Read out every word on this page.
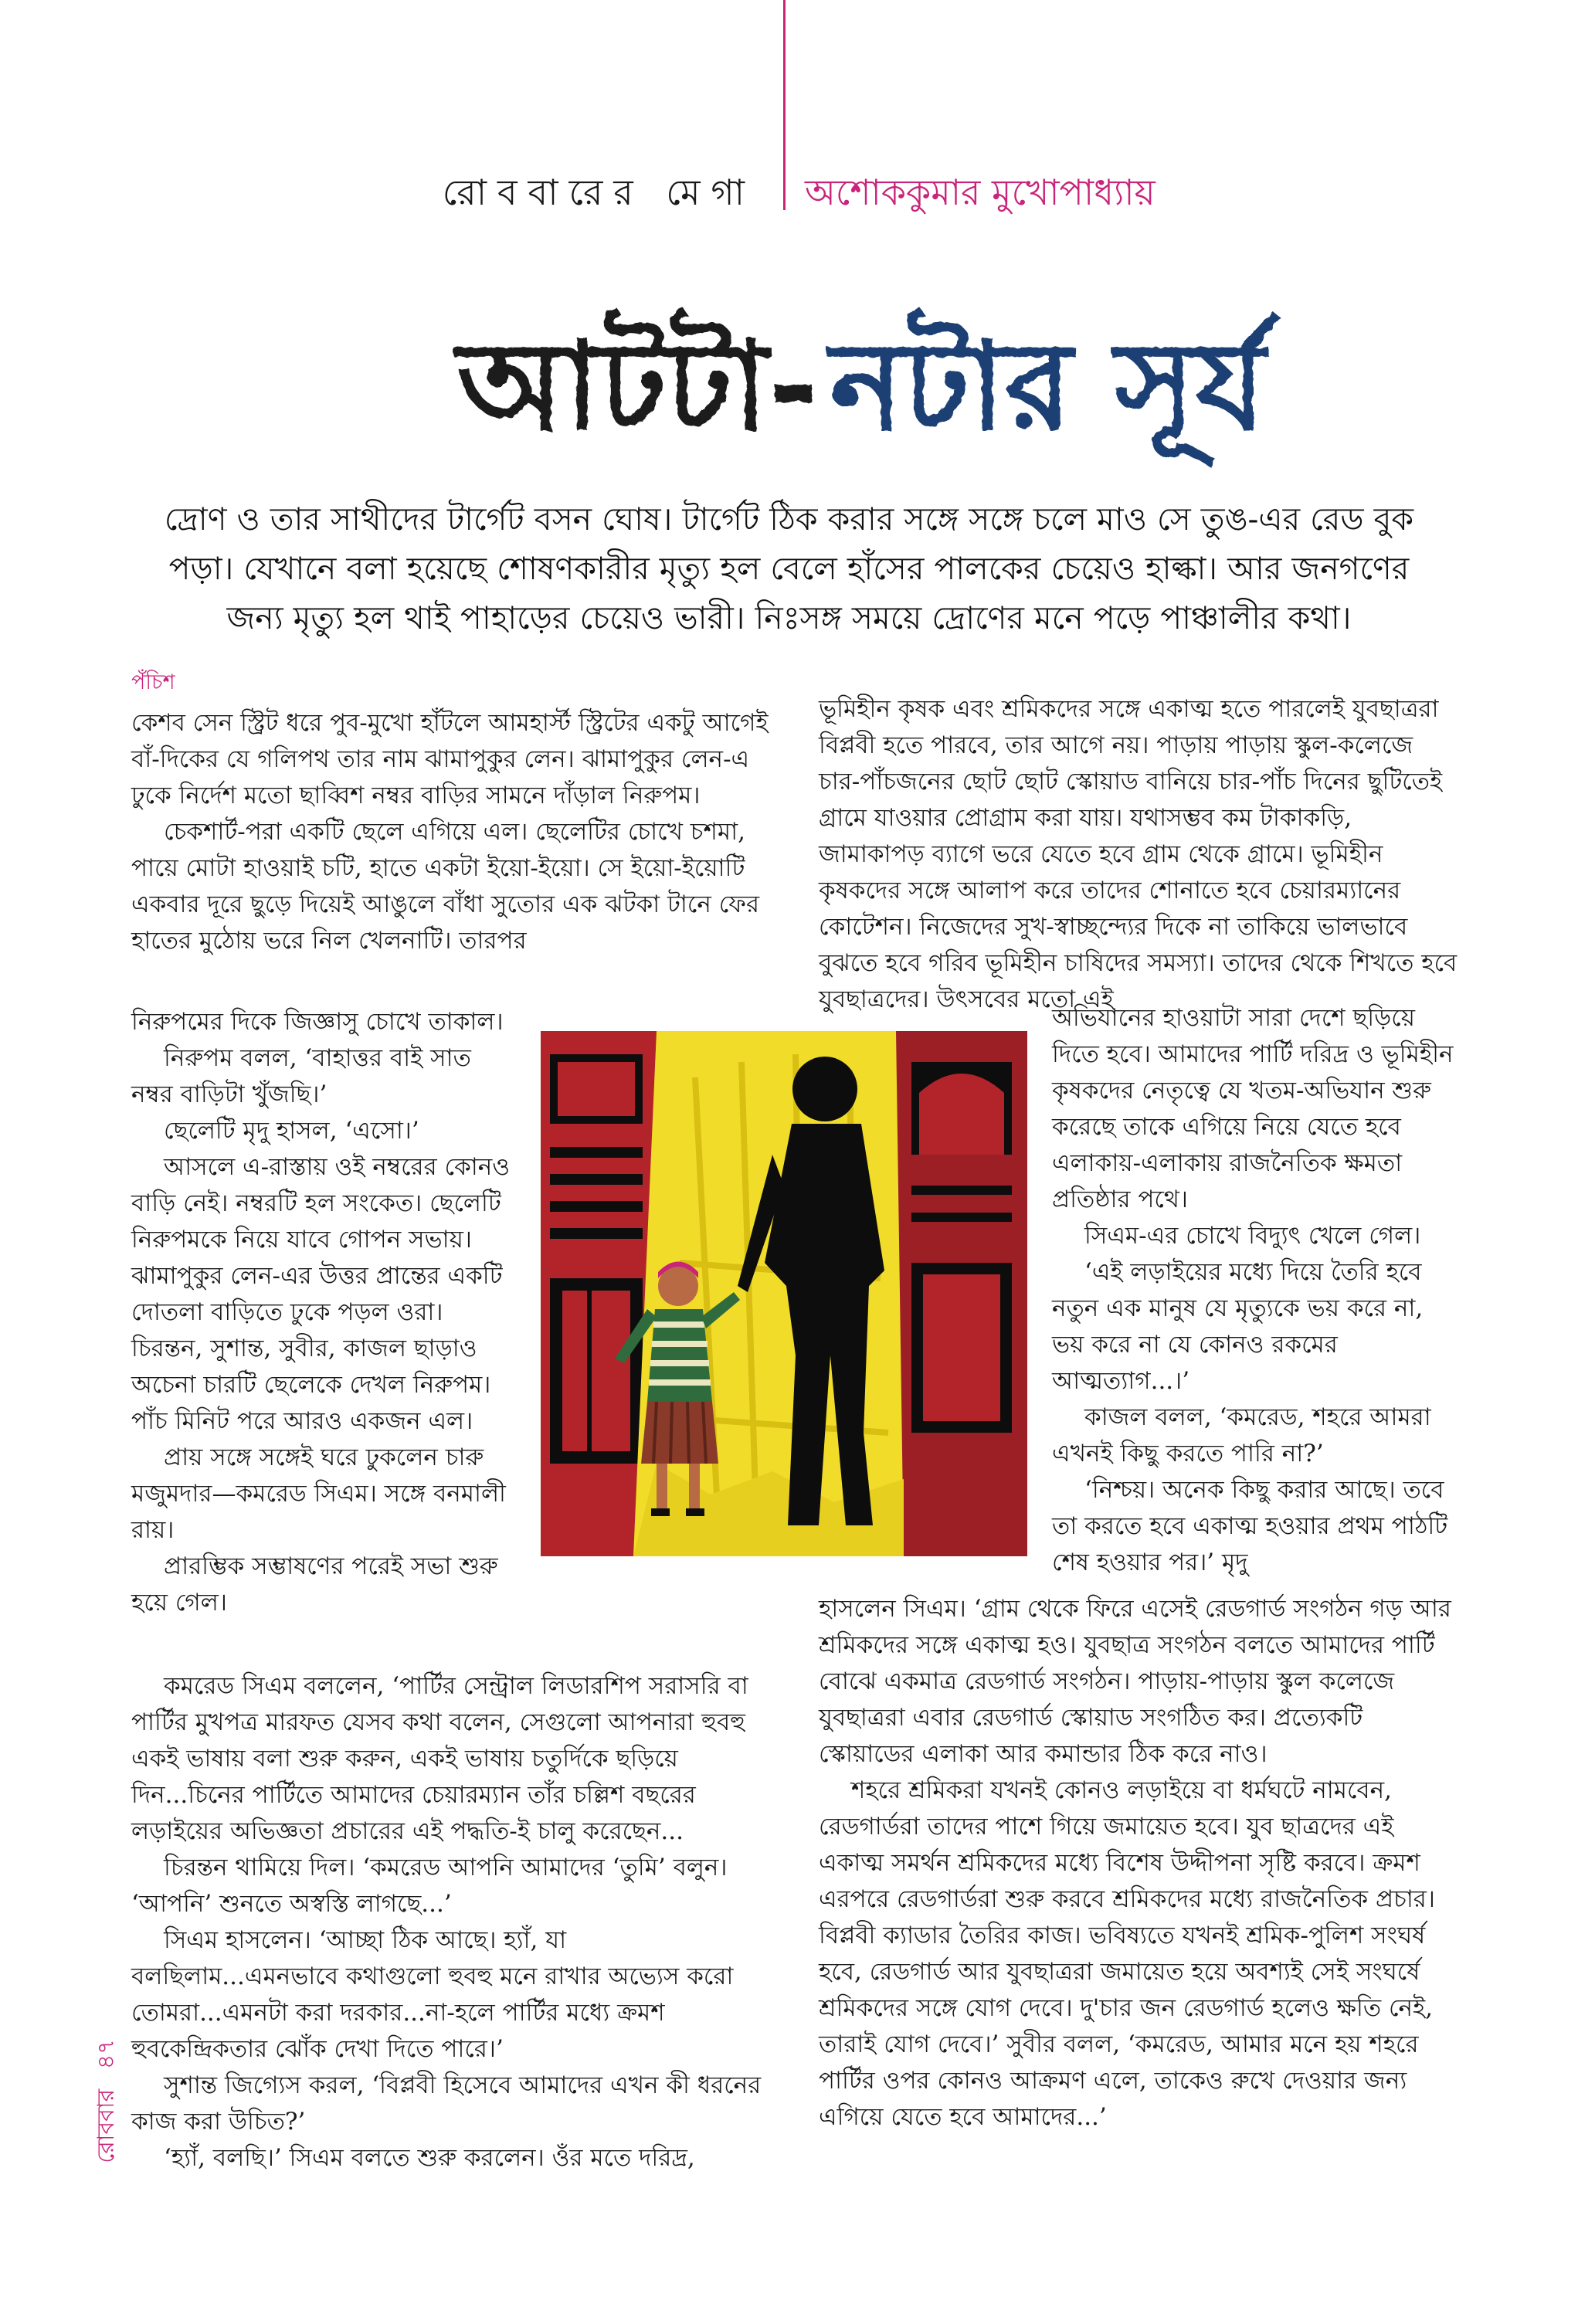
রোববারের মেগা অশোককুমার মুখোপাধ্যায়
আটটা- নটার সূর্য
দ্রোণ ও তার সাথীদের টার্গেট বসন ঘোষ। টার্গেট ঠিক করার সঙ্গে সঙ্গে চলে মাও সে তুঙ-এর রেড বুক পড়া। যেখানে বলা হয়েছে শোষণকারীর মৃত্যু হল বেলে হাঁসের পালকের চেয়েও হাল্কা। আর জনগণের জন্য মৃত্যু হল থাই পাহাড়ের চেয়েও ভারী। নিঃসঙ্গ সময়ে দ্রোণের মনে পড়ে পাঞ্চালীর কথা।
পঁচিশ

কেশব সেন স্ট্রিট ধরে পুব-মুখো হাঁটলে আমহার্স্ট স্ট্রিটের একটু আগেই বাঁ-দিকের যে গলিপথ তার নাম ঝামাপুকুর লেন। ঝামাপুকুর লেন-এ ঢুকে নির্দেশ মতো ছাব্বিশ নম্বর বাড়ির সামনে দাঁড়াল নিরুপম।

চেকশার্ট-পরা একটি ছেলে এগিয়ে এল। ছেলেটির চোখে চশমা, পায়ে মোটা হাওয়াই চটি, হাতে একটা ইয়ো-ইয়ো। সে ইয়ো-ইয়োটি একবার দূরে ছুড়ে দিয়েই আঙুলে বাঁধা সুতোর এক ঝটকা টানে ফের হাতের মুঠোয় ভরে নিল খেলনাটি। তারপর

নিরুপমের দিকে জিজ্ঞাসু চোখে তাকাল।

নিরুপম বলল, ‘বাহাত্তর বাই সাত নম্বর বাড়িটা খুঁজছি।’

ছেলেটি মৃদু হাসল, ‘এসো।’

আসলে এ-রাস্তায় ওই নম্বরের কোনও বাড়ি নেই। নম্বরটি হল সংকেত। ছেলেটি নিরুপমকে নিয়ে যাবে গোপন সভায়। ঝামাপুকুর লেন-এর উত্তর প্রান্তের একটি দোতলা বাড়িতে ঢুকে পড়ল ওরা। চিরন্তন, সুশান্ত, সুবীর, কাজল ছাড়াও অচেনা চারটি ছেলেকে দেখল নিরুপম। পাঁচ মিনিট পরে আরও একজন এল।

প্রায় সঙ্গে সঙ্গেই ঘরে ঢুকলেন চারু মজুমদার—কমরেড সিএম। সঙ্গে বনমালী রায়।

প্রারম্ভিক সম্ভাষণের পরেই সভা শুরু হয়ে গেল।

কমরেড সিএম বললেন, ‘পার্টির সেন্ট্রাল লিডারশিপ সরাসরি বা পার্টির মুখপত্র মারফত যেসব কথা বলেন, সেগুলো আপনারা হুবহু একই ভাষায় বলা শুরু করুন, একই ভাষায় চতুর্দিকে ছড়িয়ে দিন...চিনের পার্টিতে আমাদের চেয়ারম্যান তাঁর চল্লিশ বছরের লড়াইয়ের অভিজ্ঞতা প্রচারের এই পদ্ধতি-ই চালু করেছেন...

চিরন্তন থামিয়ে দিল। ‘কমরেড আপনি আমাদের ‘তুমি’ বলুন। ‘আপনি’ শুনতে অস্বস্তি লাগছে...’

সিএম হাসলেন। ‘আচ্ছা ঠিক আছে। হ্যাঁ, যা বলছিলাম...এমনভাবে কথাগুলো হুবহু মনে রাখার অভ্যেস করো তোমরা...এমনটা করা দরকার...না-হলে পার্টির মধ্যে ক্রমশ হুবকেন্দ্রিকতার ঝোঁক দেখা দিতে পারে।’

সুশান্ত জিগ্যেস করল, ‘বিপ্লবী হিসেবে আমাদের এখন কী ধরনের কাজ করা উচিত?’

‘হ্যাঁ, বলছি।’ সিএম বলতে শুরু করলেন। ওঁর মতে দরিদ্র,

ভূমিহীন কৃষক এবং শ্রমিকদের সঙ্গে একাত্ম হতে পারলেই যুবছাত্ররা বিপ্লবী হতে পারবে, তার আগে নয়। পাড়ায় পাড়ায় স্কুল-কলেজে চার-পাঁচজনের ছোট ছোট স্কোয়াড বানিয়ে চার-পাঁচ দিনের ছুটিতেই গ্রামে যাওয়ার প্রোগ্রাম করা যায়। যথাসম্ভব কম টাকাকড়ি, জামাকাপড় ব্যাগে ভরে যেতে হবে গ্রাম থেকে গ্রামে। ভূমিহীন কৃষকদের সঙ্গে আলাপ করে তাদের শোনাতে হবে চেয়ারম্যানের কোটেশন। নিজেদের সুখ-স্বাচ্ছন্দ্যের দিকে না তাকিয়ে ভালভাবে বুঝতে হবে গরিব ভূমিহীন চাষিদের সমস্যা। তাদের থেকে শিখতে হবে যুবছাত্রদের। উৎসবের মতো এই

অভিযানের হাওয়াটা সারা দেশে ছড়িয়ে দিতে হবে। আমাদের পার্টি দরিদ্র ও ভূমিহীন কৃষকদের নেতৃত্বে যে খতম-অভিযান শুরু করেছে তাকে এগিয়ে নিয়ে যেতে হবে এলাকায়-এলাকায় রাজনৈতিক ক্ষমতা প্রতিষ্ঠার পথে।

সিএম-এর চোখে বিদ্যুৎ খেলে গেল।

‘এই লড়াইয়ের মধ্যে দিয়ে তৈরি হবে নতুন এক মানুষ যে মৃত্যুকে ভয় করে না, ভয় করে না যে কোনও রকমের আত্মত্যাগ...।’

কাজল বলল, ‘কমরেড, শহরে আমরা এখনই কিছু করতে পারি না?’

‘নিশ্চয়। অনেক কিছু করার আছে। তবে তা করতে হবে একাত্ম হওয়ার প্রথম পাঠটি শেষ হওয়ার পর।’ মৃদু

হাসলেন সিএম। ‘গ্রাম থেকে ফিরে এসেই রেডগার্ড সংগঠন গড় আর শ্রমিকদের সঙ্গে একাত্ম হও। যুবছাত্র সংগঠন বলতে আমাদের পার্টি বোঝে একমাত্র রেডগার্ড সংগঠন। পাড়ায়-পাড়ায় স্কুল কলেজে যুবছাত্ররা এবার রেডগার্ড স্কোয়াড সংগঠিত কর। প্রত্যেকটি স্কোয়াডের এলাকা আর কমান্ডার ঠিক করে নাও।

শহরে শ্রমিকরা যখনই কোনও লড়াইয়ে বা ধর্মঘটে নামবেন, রেডগার্ডরা তাদের পাশে গিয়ে জমায়েত হবে। যুব ছাত্রদের এই একাত্ম সমর্থন শ্রমিকদের মধ্যে বিশেষ উদ্দীপনা সৃষ্টি করবে। ক্রমশ এরপরে রেডগার্ডরা শুরু করবে শ্রমিকদের মধ্যে রাজনৈতিক প্রচার। বিপ্লবী ক্যাডার তৈরির কাজ। ভবিষ্যতে যখনই শ্রমিক-পুলিশ সংঘর্ষ হবে, রেডগার্ড আর যুবছাত্ররা জমায়েত হয়ে অবশ্যই সেই সংঘর্ষে শ্রমিকদের সঙ্গে যোগ দেবে। দু'চার জন রেডগার্ড হলেও ক্ষতি নেই, তারাই যোগ দেবে।’ সুবীর বলল, ‘কমরেড, আমার মনে হয় শহরে পার্টির ওপর কোনও আক্রমণ এলে, তাকেও রুখে দেওয়ার জন্য এগিয়ে যেতে হবে আমাদের...’

রোববার ৪৭
